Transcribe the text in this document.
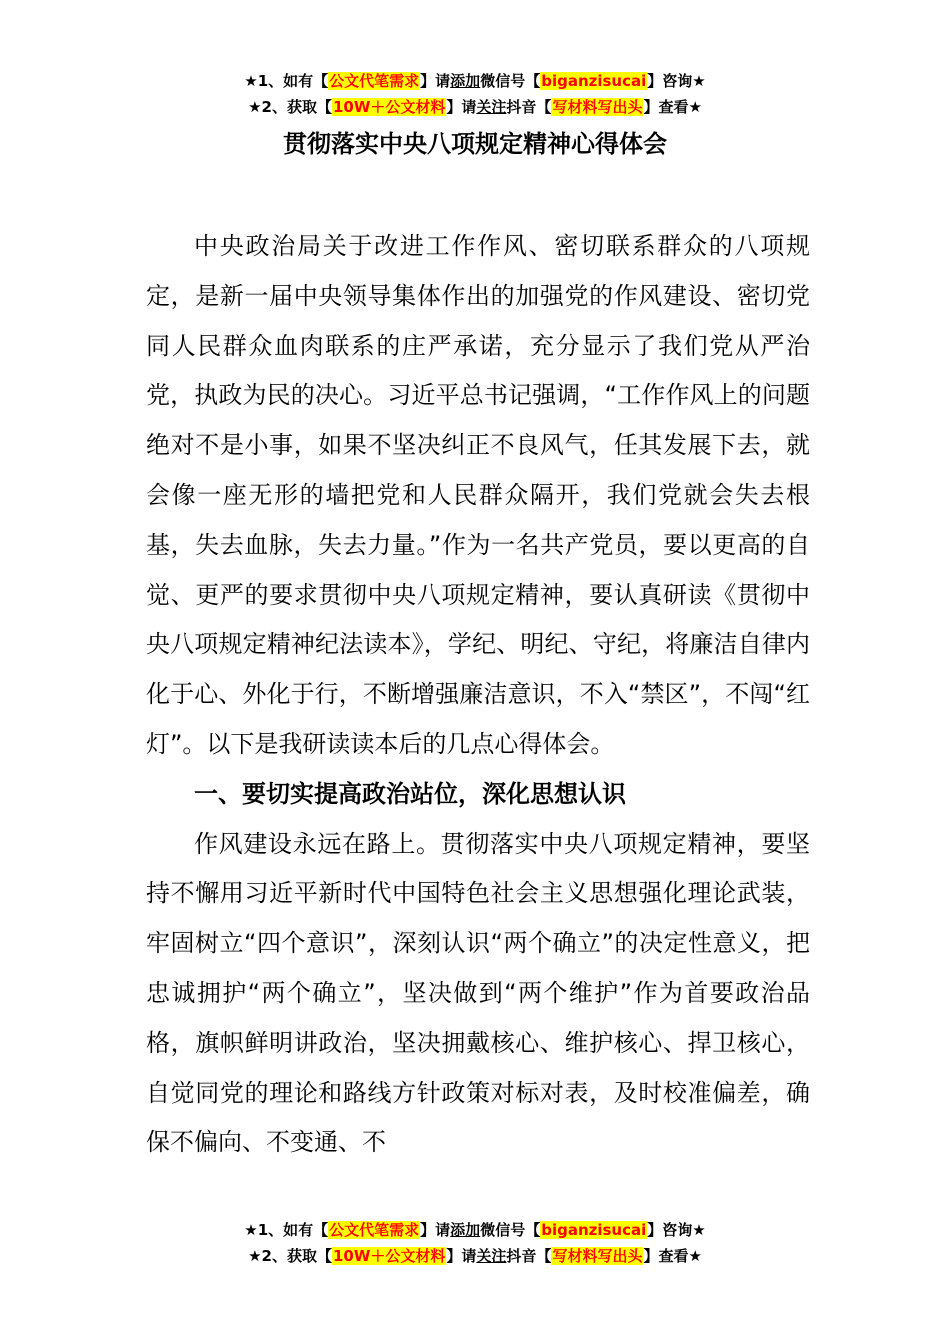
★1、如有【公文代笔需求】请添加微信号【biganzisucai】咨询★
★2、获取【10W＋公文材料】请关注抖音【写材料写出头】查看★
贯彻落实中央八项规定精神心得体会

中央政治局关于改进工作作风、密切联系群众的八项规定，是新一届中央领导集体作出的加强党的作风建设、密切党同人民群众血肉联系的庄严承诺，充分显示了我们党从严治党，执政为民的决心。习近平总书记强调，“工作作风上的问题绝对不是小事，如果不坚决纠正不良风气，任其发展下去，就会像一座无形的墙把党和人民群众隔开，我们党就会失去根基，失去血脉，失去力量。”作为一名共产党员，要以更高的自觉、更严的要求贯彻中央八项规定精神，要认真研读《贯彻中央八项规定精神纪法读本》，学纪、明纪、守纪，将廉洁自律内化于心、外化于行，不断增强廉洁意识，不入“禁区”，不闯“红灯”。以下是我研读读本后的几点心得体会。

一、要切实提高政治站位，深化思想认识

作风建设永远在路上。贯彻落实中央八项规定精神，要坚持不懈用习近平新时代中国特色社会主义思想强化理论武装，牢固树立“四个意识”，深刻认识“两个确立”的决定性意义，把忠诚拥护“两个确立”，坚决做到“两个维护”作为首要政治品格，旗帜鲜明讲政治，坚决拥戴核心、维护核心、捍卫核心，自觉同党的理论和路线方针政策对标对表，及时校准偏差，确保不偏向、不变通、不

★1、如有【公文代笔需求】请添加微信号【biganzisucai】咨询★
★2、获取【10W＋公文材料】请关注抖音【写材料写出头】查看★
